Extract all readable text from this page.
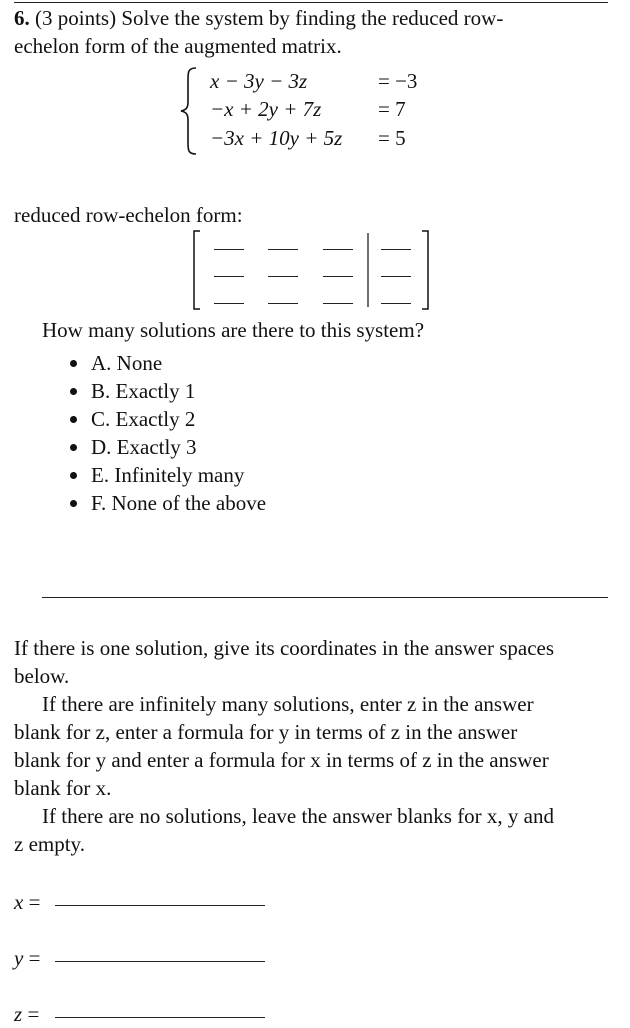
6. (3 points) Solve the system by finding the reduced row-
echelon form of the augmented matrix.
x − 3y − 3z	= −3
−x + 2y + 7z	= 7
−3x + 10y + 5z = 5
reduced row-echelon form:
How many solutions are there to this system?
A. None
B. Exactly 1
C. Exactly 2
D. Exactly 3
E. Infinitely many
F. None of the above
If there is one solution, give its coordinates in the answer spaces
below.
If there are infinitely many solutions, enter z in the answer
blank for z, enter a formula for y in terms of z in the answer
blank for y and enter a formula for x in terms of z in the answer
blank for x.
If there are no solutions, leave the answer blanks for x, y and
z empty.
x =
y =
z =
